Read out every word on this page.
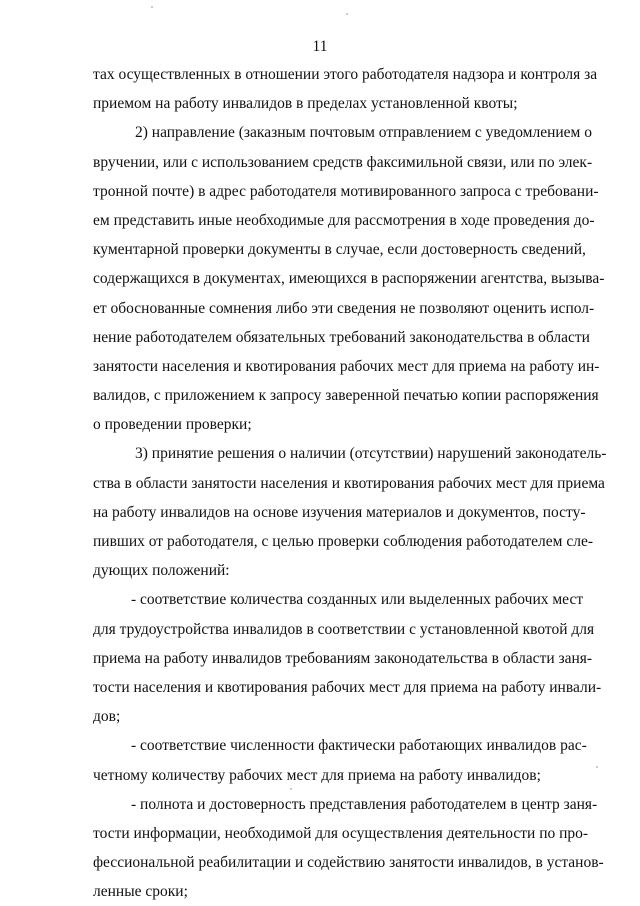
11
тах осуществленных в отношении этого работодателя надзора и контроля за
приемом на работу инвалидов в пределах установленной квоты;
2) направление (заказным почтовым отправлением с уведомлением о
вручении, или с использованием средств факсимильной связи, или по элек-
тронной почте) в адрес работодателя мотивированного запроса с требовани-
ем представить иные необходимые для рассмотрения в ходе проведения до-
кументарной проверки документы в случае, если достоверность сведений,
содержащихся в документах, имеющихся в распоряжении агентства, вызыва-
ет обоснованные сомнения либо эти сведения не позволяют оценить испол-
нение работодателем обязательных требований законодательства в области
занятости населения и квотирования рабочих мест для приема на работу ин-
валидов, с приложением к запросу заверенной печатью копии распоряжения
о проведении проверки;
3) принятие решения о наличии (отсутствии) нарушений законодатель-
ства в области занятости населения и квотирования рабочих мест для приема
на работу инвалидов на основе изучения материалов и документов, посту-
пивших от работодателя, с целью проверки соблюдения работодателем сле-
дующих положений:
- соответствие количества созданных или выделенных рабочих мест
для трудоустройства инвалидов в соответствии с установленной квотой для
приема на работу инвалидов требованиям законодательства в области заня-
тости населения и квотирования рабочих мест для приема на работу инвали-
дов;
- соответствие численности фактически работающих инвалидов рас-
четному количеству рабочих мест для приема на работу инвалидов;
- полнота и достоверность представления работодателем в центр заня-
тости информации, необходимой для осуществления деятельности по про-
фессиональной реабилитации и содействию занятости инвалидов, в установ-
ленные сроки;
